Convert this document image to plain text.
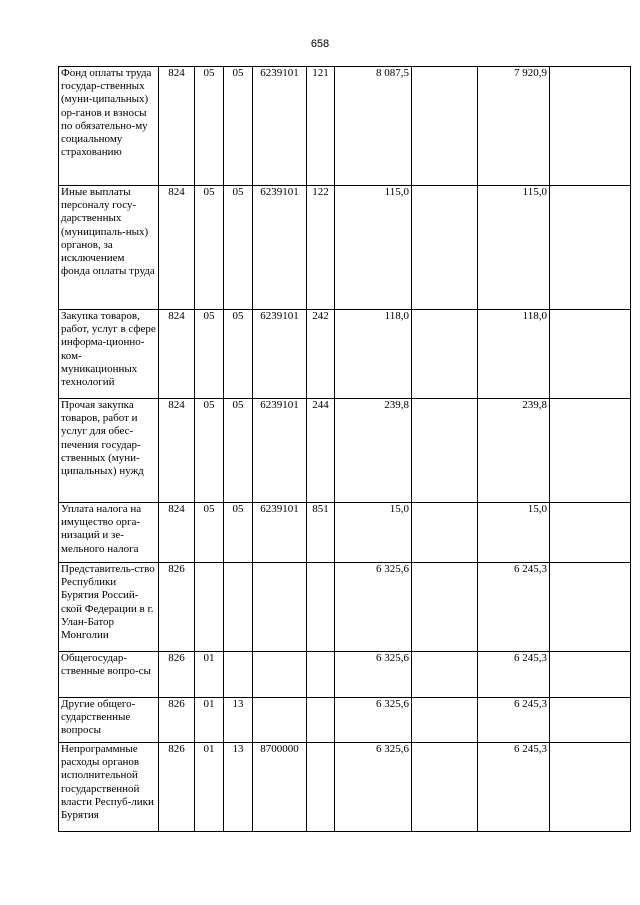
658
Фонд оплаты труда государ-ственных (муни-ципальных) ор-ганов и взносы по обязательно-му социальному страхованию	824	05	05	6239101	121	8 087,5		7 920,9	
Иные выплаты персоналу госу-дарственных (муниципаль-ных) органов, за исключением фонда оплаты труда	824	05	05	6239101	122	115,0		115,0	
Закупка товаров, работ, услуг в сфере информа-ционно-ком-муникационных технологий	824	05	05	6239101	242	118,0		118,0	
Прочая закупка товаров, работ и услуг для обес-печения государ-ственных (муни-ципальных) нужд	824	05	05	6239101	244	239,8		239,8	
Уплата налога на имущество орга-низаций и зе-мельного налога	824	05	05	6239101	851	15,0		15,0	
Представитель-ство Республики Бурятия Россий-ской Федерации в г. Улан-Батор Монголии	826					6 325,6		6 245,3	
Общегосудар-ственные вопро-сы	826	01				6 325,6		6 245,3	
Другие общего-сударственные вопросы	826	01	13			6 325,6		6 245,3	
Непрограммные расходы органов исполнительной государственной власти Респуб-лики Бурятия	826	01	13	8700000		6 325,6		6 245,3	
